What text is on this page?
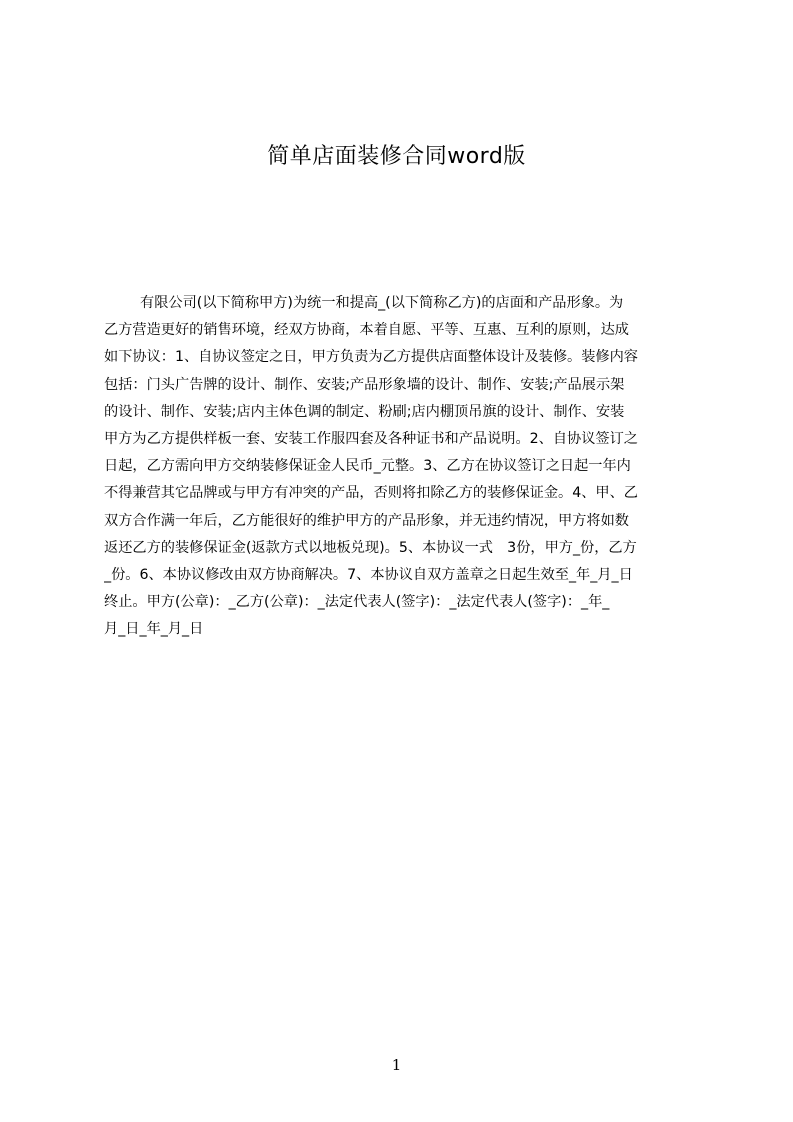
简单店面装修合同word版
有限公司(以下简称甲方)为统一和提高_(以下简称乙方)的店面和产品形象。为
乙方营造更好的销售环境，经双方协商，本着自愿、平等、互惠、互利的原则，达成
如下协议：1、自协议签定之日，甲方负责为乙方提供店面整体设计及装修。装修内容
包括：门头广告牌的设计、制作、安装;产品形象墙的设计、制作、安装;产品展示架
的设计、制作、安装;店内主体色调的制定、粉刷;店内棚顶吊旗的设计、制作、安装
甲方为乙方提供样板一套、安装工作服四套及各种证书和产品说明。2、自协议签订之
日起，乙方需向甲方交纳装修保证金人民币_元整。3、乙方在协议签订之日起一年内
不得兼营其它品牌或与甲方有冲突的产品，否则将扣除乙方的装修保证金。4、甲、乙
双方合作满一年后，乙方能很好的维护甲方的产品形象，并无违约情况，甲方将如数
返还乙方的装修保证金(返款方式以地板兑现)。5、本协议一式　3份，甲方_份，乙方
_份。6、本协议修改由双方协商解决。7、本协议自双方盖章之日起生效至_年_月_日
终止。甲方(公章)：_乙方(公章)：_法定代表人(签字)：_法定代表人(签字)：_年_
月_日_年_月_日
1
